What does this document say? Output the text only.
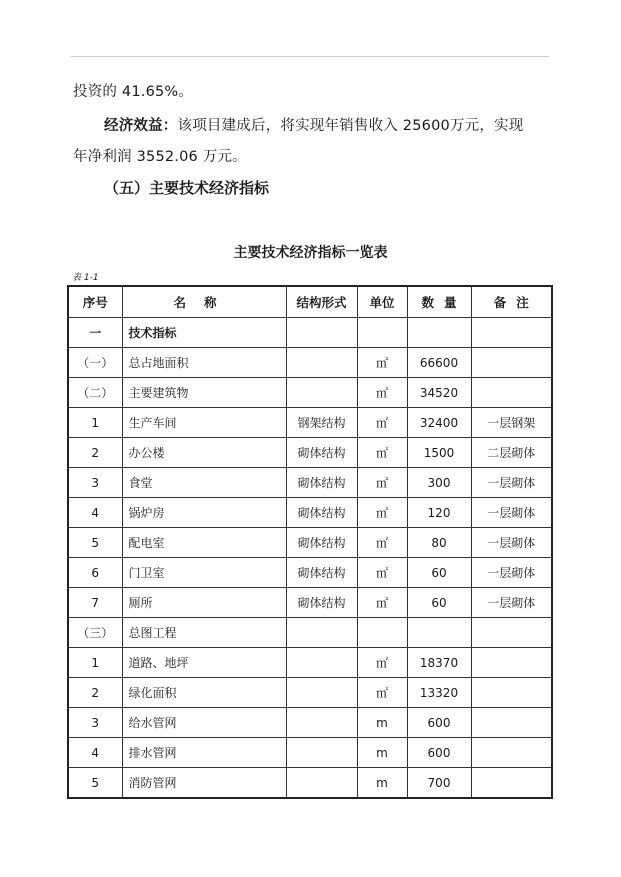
投资的 41.65%。
经济效益：该项目建成后，将实现年销售收入 25600万元，实现
年净利润 3552.06 万元。
（五）主要技术经济指标
主要技术经济指标一览表
表 1-1
序号	名称	结构形式	单位	数量	备注
一	技术指标				
（一）	总占地面积		㎡	66600	
（二）	主要建筑物		㎡	34520	
1	生产车间	钢架结构	㎡	32400	一层钢架
2	办公楼	砌体结构	㎡	1500	二层砌体
3	食堂	砌体结构	㎡	300	一层砌体
4	锅炉房	砌体结构	㎡	120	一层砌体
5	配电室	砌体结构	㎡	80	一层砌体
6	门卫室	砌体结构	㎡	60	一层砌体
7	厕所	砌体结构	㎡	60	一层砌体
（三）	总图工程				
1	道路、地坪		㎡	18370	
2	绿化面积		㎡	13320	
3	给水管网		m	600	
4	排水管网		m	600	
5	消防管网		m	700	
